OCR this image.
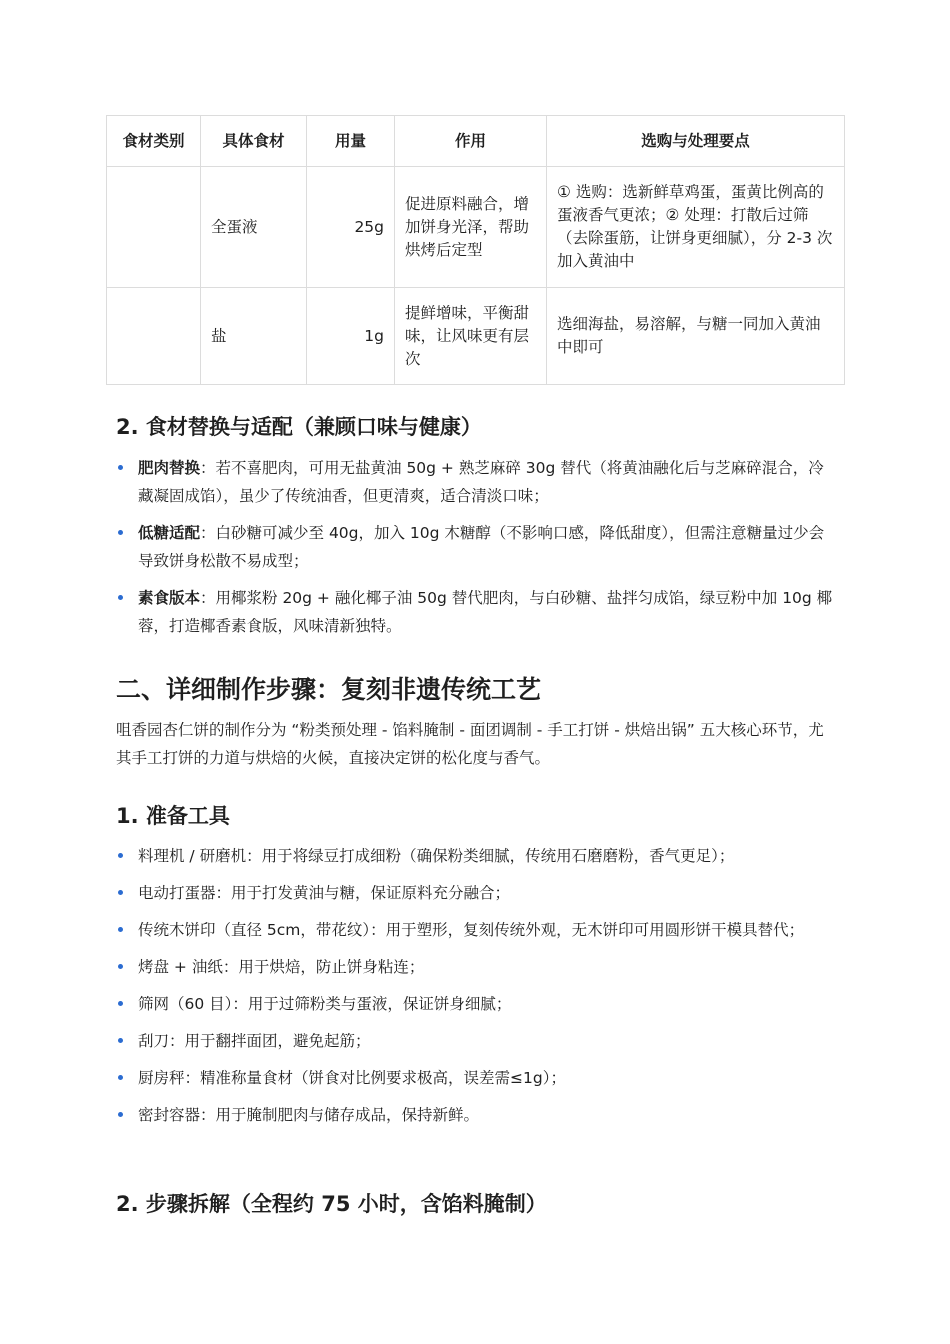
食材类别	具体食材	用量	作用	选购与处理要点
	全蛋液	25g	促进原料融合，增加饼身光泽，帮助烘烤后定型	① 选购：选新鲜草鸡蛋，蛋黄比例高的蛋液香气更浓；② 处理：打散后过筛（去除蛋筋，让饼身更细腻），分 2-3 次加入黄油中
	盐	1g	提鲜增味，平衡甜味，让风味更有层次	选细海盐，易溶解，与糖一同加入黄油中即可
2. 食材替换与适配（兼顾口味与健康）
肥肉替换：若不喜肥肉，可用无盐黄油 50g + 熟芝麻碎 30g 替代（将黄油融化后与芝麻碎混合，冷藏凝固成馅），虽少了传统油香，但更清爽，适合清淡口味；
低糖适配：白砂糖可减少至 40g，加入 10g 木糖醇（不影响口感，降低甜度），但需注意糖量过少会导致饼身松散不易成型；
素食版本：用椰浆粉 20g + 融化椰子油 50g 替代肥肉，与白砂糖、盐拌匀成馅，绿豆粉中加 10g 椰蓉，打造椰香素食版，风味清新独特。
二、详细制作步骤：复刻非遗传统工艺

咀香园杏仁饼的制作分为 “粉类预处理 - 馅料腌制 - 面团调制 - 手工打饼 - 烘焙出锅” 五大核心环节，尤其手工打饼的力道与烘焙的火候，直接决定饼的松化度与香气。

1. 准备工具
料理机 / 研磨机：用于将绿豆打成细粉（确保粉类细腻，传统用石磨磨粉，香气更足）；
电动打蛋器：用于打发黄油与糖，保证原料充分融合；
传统木饼印（直径 5cm，带花纹）：用于塑形，复刻传统外观，无木饼印可用圆形饼干模具替代；
烤盘 + 油纸：用于烘焙，防止饼身粘连；
筛网（60 目）：用于过筛粉类与蛋液，保证饼身细腻；
刮刀：用于翻拌面团，避免起筋；
厨房秤：精准称量食材（饼食对比例要求极高，误差需≤1g）；
密封容器：用于腌制肥肉与储存成品，保持新鲜。
2. 步骤拆解（全程约 75 小时，含馅料腌制）
